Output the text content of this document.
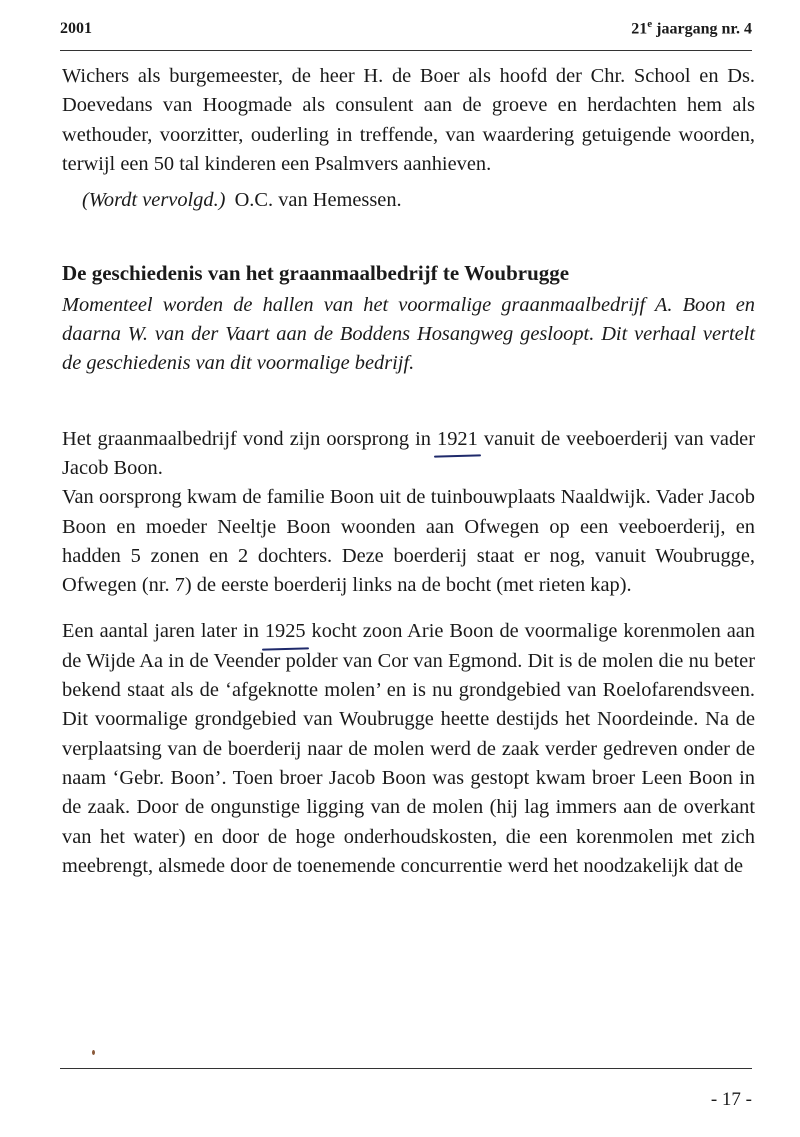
2001	21e jaargang nr. 4

Wichers als burgemeester, de heer H. de Boer als hoofd der Chr. School en Ds. Doevedans van Hoogmade als consulent aan de groeve en herdachten hem als wethouder, voorzitter, ouderling in treffende, van waardering getuigende woorden, terwijl een 50 tal kinderen een Psalmvers aanhieven.

(Wordt vervolgd.) O.C. van Hemessen.

De geschiedenis van het graanmaalbedrijf te Woubrugge

Momenteel worden de hallen van het voormalige graanmaalbedrijf A. Boon en daarna W. van der Vaart aan de Boddens Hosangweg gesloopt. Dit verhaal vertelt de geschiedenis van dit voormalige bedrijf.

Het graanmaalbedrijf vond zijn oorsprong in 1921 vanuit de veeboerderij van vader Jacob Boon.

Van oorsprong kwam de familie Boon uit de tuinbouwplaats Naaldwijk. Vader Jacob Boon en moeder Neeltje Boon woonden aan Ofwegen op een veeboerderij, en hadden 5 zonen en 2 dochters. Deze boerderij staat er nog, vanuit Woubrugge, Ofwegen (nr. 7) de eerste boerderij links na de bocht (met rieten kap).

Een aantal jaren later in 1925 kocht zoon Arie Boon de voormalige korenmolen aan de Wijde Aa in de Veender polder van Cor van Egmond. Dit is de molen die nu beter bekend staat als de ‘afgeknotte molen’ en is nu grondgebied van Roelofarendsveen. Dit voormalige grondgebied van Woubrugge heette destijds het Noordeinde. Na de verplaatsing van de boerderij naar de molen werd de zaak verder gedreven onder de naam ‘Gebr. Boon’. Toen broer Jacob Boon was gestopt kwam broer Leen Boon in de zaak. Door de ongunstige ligging van de molen (hij lag immers aan de overkant van het water) en door de hoge onderhoudskosten, die een korenmolen met zich meebrengt, alsmede door de toenemende concurrentie werd het noodzakelijk dat de

- 17 -
